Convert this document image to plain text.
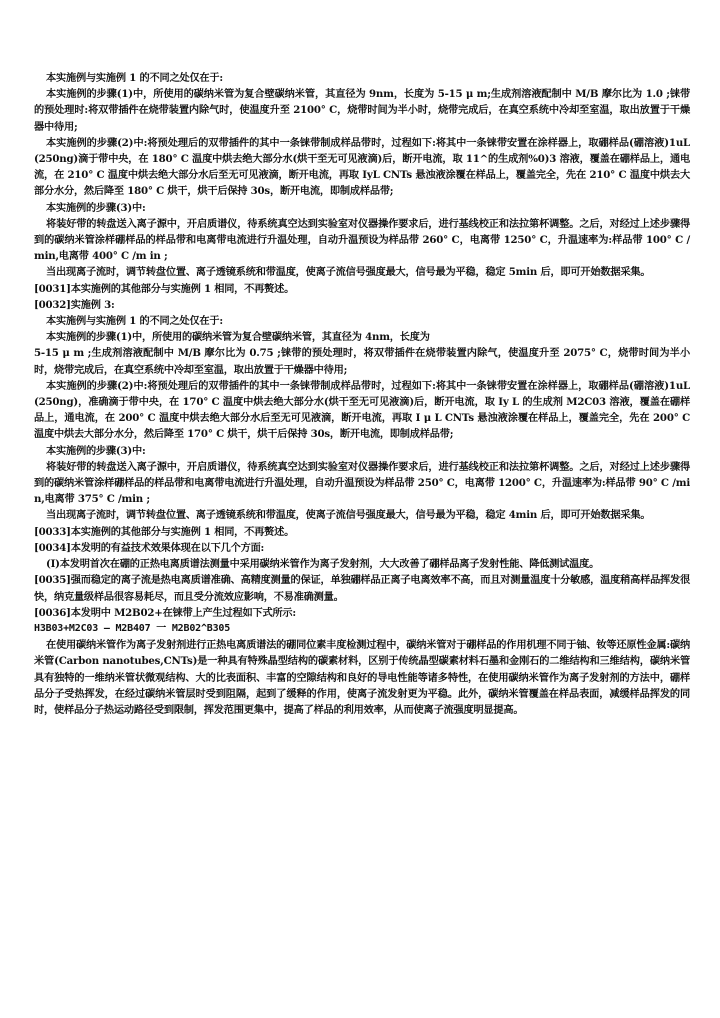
本实施例与实施例 1 的不同之处仅在于:

本实施例的步骤(1)中，所使用的碳纳米管为复合壁碳纳米管，其直径为 9nm，长度为 5-15 μ m;生成剂溶液配制中 M/B 摩尔比为 1.0 ;铼带的预处理时:将双带插件在烧带装置内除气时，使温度升至 2100° C，烧带时间为半小时，烧带完成后，在真空系统中冷却至室温，取出放置于干燥器中待用;

本实施例的步骤(2)中:将预处理后的双带插件的其中一条铼带制成样品带时，过程如下:将其中一条铼带安置在涂样器上，取硼样品(硼溶液)1uL(250ng)滴于带中央，在 180° C 温度中烘去绝大部分水(烘干至无可见液滴)后，断开电流，取 11^的生成剂%0)3 溶液，覆盖在硼样品上，通电流，在 210° C 温度中烘去绝大部分水后至无可见液滴，断开电流，再取 IyL CNTs 悬浊液涂覆在样品上，覆盖完全，先在 210° C 温度中烘去大部分水分，然后降至 180° C 烘干，烘干后保持 30s，断开电流，即制成样品带;

本实施例的步骤(3)中:

将装好带的转盘送入离子源中，开启质谱仪，待系统真空达到实验室对仪器操作要求后，进行基线校正和法拉第杯调整。之后，对经过上述步骤得到的碳纳米管涂样硼样品的样品带和电离带电流进行升温处理，自动升温预设为样品带 260° C，电离带 1250° C，升温速率为:样品带 100° C /min,电离带 400° C /m in ;

当出现离子流时，调节转盘位置、离子透镜系统和带温度，使离子流信号强度最大，信号最为平稳，稳定 5min 后，即可开始数据采集。

[0031]本实施例的其他部分与实施例 1 相同，不再赘述。

[0032]实施例 3:

本实施例与实施例 1 的不同之处仅在于:

本实施例的步骤(1)中，所使用的碳纳米管为复合壁碳纳米管，其直径为 4nm，长度为

5-15 μ m ;生成剂溶液配制中 M/B 摩尔比为 0.75 ;铼带的预处理时，将双带插件在烧带装置内除气，使温度升至 2075° C，烧带时间为半小时，烧带完成后，在真空系统中冷却至室温，取出放置于干燥器中待用;

本实施例的步骤(2)中:将预处理后的双带插件的其中一条铼带制成样品带时，过程如下:将其中一条铼带安置在涂样器上，取硼样品(硼溶液)1uL(250ng)，准确滴于带中央，在 170° C 温度中烘去绝大部分水(烘干至无可见液滴)后，断开电流，取 Iy L 的生成剂 M2C03 溶液，覆盖在硼样品上，通电流，在 200° C 温度中烘去绝大部分水后至无可见液滴，断开电流，再取 I μ L CNTs 悬浊液涂覆在样品上，覆盖完全，先在 200° C 温度中烘去大部分水分，然后降至 170° C 烘干，烘干后保持 30s，断开电流，即制成样品带;

本实施例的步骤(3)中:

将装好带的转盘送入离子源中，开启质谱仪，待系统真空达到实验室对仪器操作要求后，进行基线校正和法拉第杯调整。之后，对经过上述步骤得到的碳纳米管涂样硼样品的样品带和电离带电流进行升温处理，自动升温预设为样品带 250° C，电离带 1200° C，升温速率为:样品带 90° C /min,电离带 375° C /min ;

当出现离子流时，调节转盘位置、离子透镜系统和带温度，使离子流信号强度最大，信号最为平稳，稳定 4min 后，即可开始数据采集。

[0033]本实施例的其他部分与实施例 1 相同，不再赘述。

[0034]本发明的有益技术效果体现在以下几个方面:

(I)本发明首次在硼的正热电离质谱法测量中采用碳纳米管作为离子发射剂，大大改善了硼样品离子发射性能、降低测试温度。

[0035]强而稳定的离子流是热电离质谱准确、高精度测量的保证，单独硼样品正离子电离效率不高，而且对测量温度十分敏感，温度稍高样品挥发很快，纳克量级样品很容易耗尽，而且受分流效应影响，不易准确测量。

[0036]本发明中 M2B02+在铼带上产生过程如下式所示:

H3B03+M2C03 — M2B407 一 M2B02^B305

在使用碳纳米管作为离子发射剂进行正热电离质谱法的硼同位素丰度检测过程中，碳纳米管对于硼样品的作用机理不同于铀、钕等还原性金属:碳纳米管(Carbon nanotubes,CNTs)是一种具有特殊晶型结构的碳素材料，区别于传统晶型碳素材料石墨和金刚石的二维结构和三维结构，碳纳米管具有独特的一维纳米管状微观结构、大的比表面积、丰富的空隙结构和良好的导电性能等诸多特性，在使用碳纳米管作为离子发射剂的方法中，硼样品分子受热挥发，在经过碳纳米管层时受到阻隔，起到了缓释的作用，使离子流发射更为平稳。此外，碳纳米管覆盖在样品表面，减缓样品挥发的同时，使样品分子热运动路径受到限制，挥发范围更集中，提高了样品的利用效率，从而使离子流强度明显提高。
